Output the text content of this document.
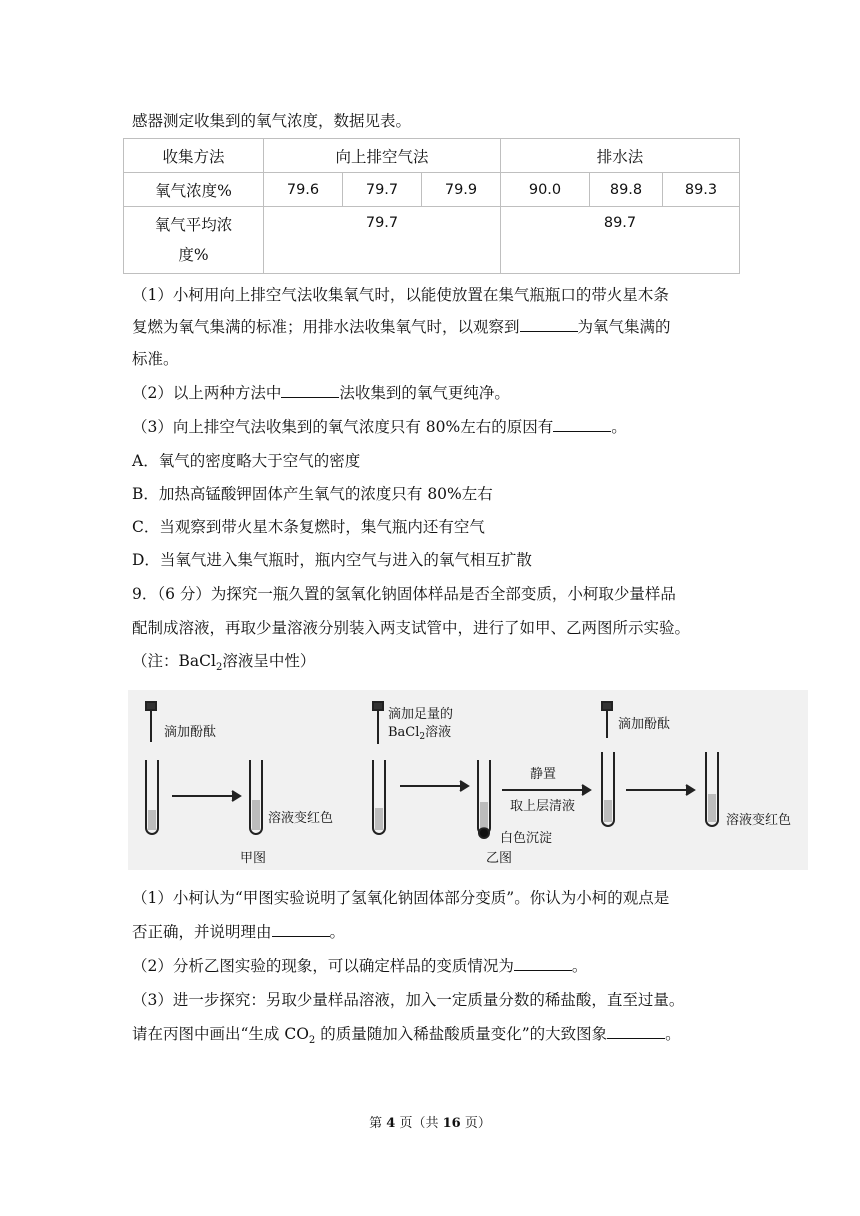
感器测定收集到的氧气浓度，数据见表。
收集方法	向上排空气法			排水法		
氧气浓度%	79.6	79.7	79.9	90.0	89.8	89.3
氧气平均浓
度%	79.7			89.7		
（1）小柯用向上排空气法收集氧气时，以能使放置在集气瓶瓶口的带火星木条
复燃为氧气集满的标准；用排水法收集氧气时，以观察到	为氧气集满的
标准。
（2）以上两种方法中	法收集到的氧气更纯净。
（3）向上排空气法收集到的氧气浓度只有 80%左右的原因有	。
A．氧气的密度略大于空气的密度
B．加热高锰酸钾固体产生氧气的浓度只有 80%左右
C．当观察到带火星木条复燃时，集气瓶内还有空气
D．当氧气进入集气瓶时，瓶内空气与进入的氧气相互扩散
9．（6 分）为探究一瓶久置的氢氧化钠固体样品是否全部变质，小柯取少量样品
配制成溶液，再取少量溶液分别装入两支试管中，进行了如甲、乙两图所示实验。
（注：BaCl$_2$溶液呈中性）
滴加酚酞
溶液变红色
甲图
滴加足量的
BaCl$_2$溶液
白色沉淀
乙图
静置
取上层清液
滴加酚酞
溶液变红色
（1）小柯认为“甲图实验说明了氢氧化钠固体部分变质”。你认为小柯的观点是
否正确，并说明理由	。
（2）分析乙图实验的现象，可以确定样品的变质情况为	。
（3）进一步探究：另取少量样品溶液，加入一定质量分数的稀盐酸，直至过量。
请在丙图中画出“生成 $CO_2$ 的质量随加入稀盐酸质量变化”的大致图象	。
第 4 页（共 16 页）
